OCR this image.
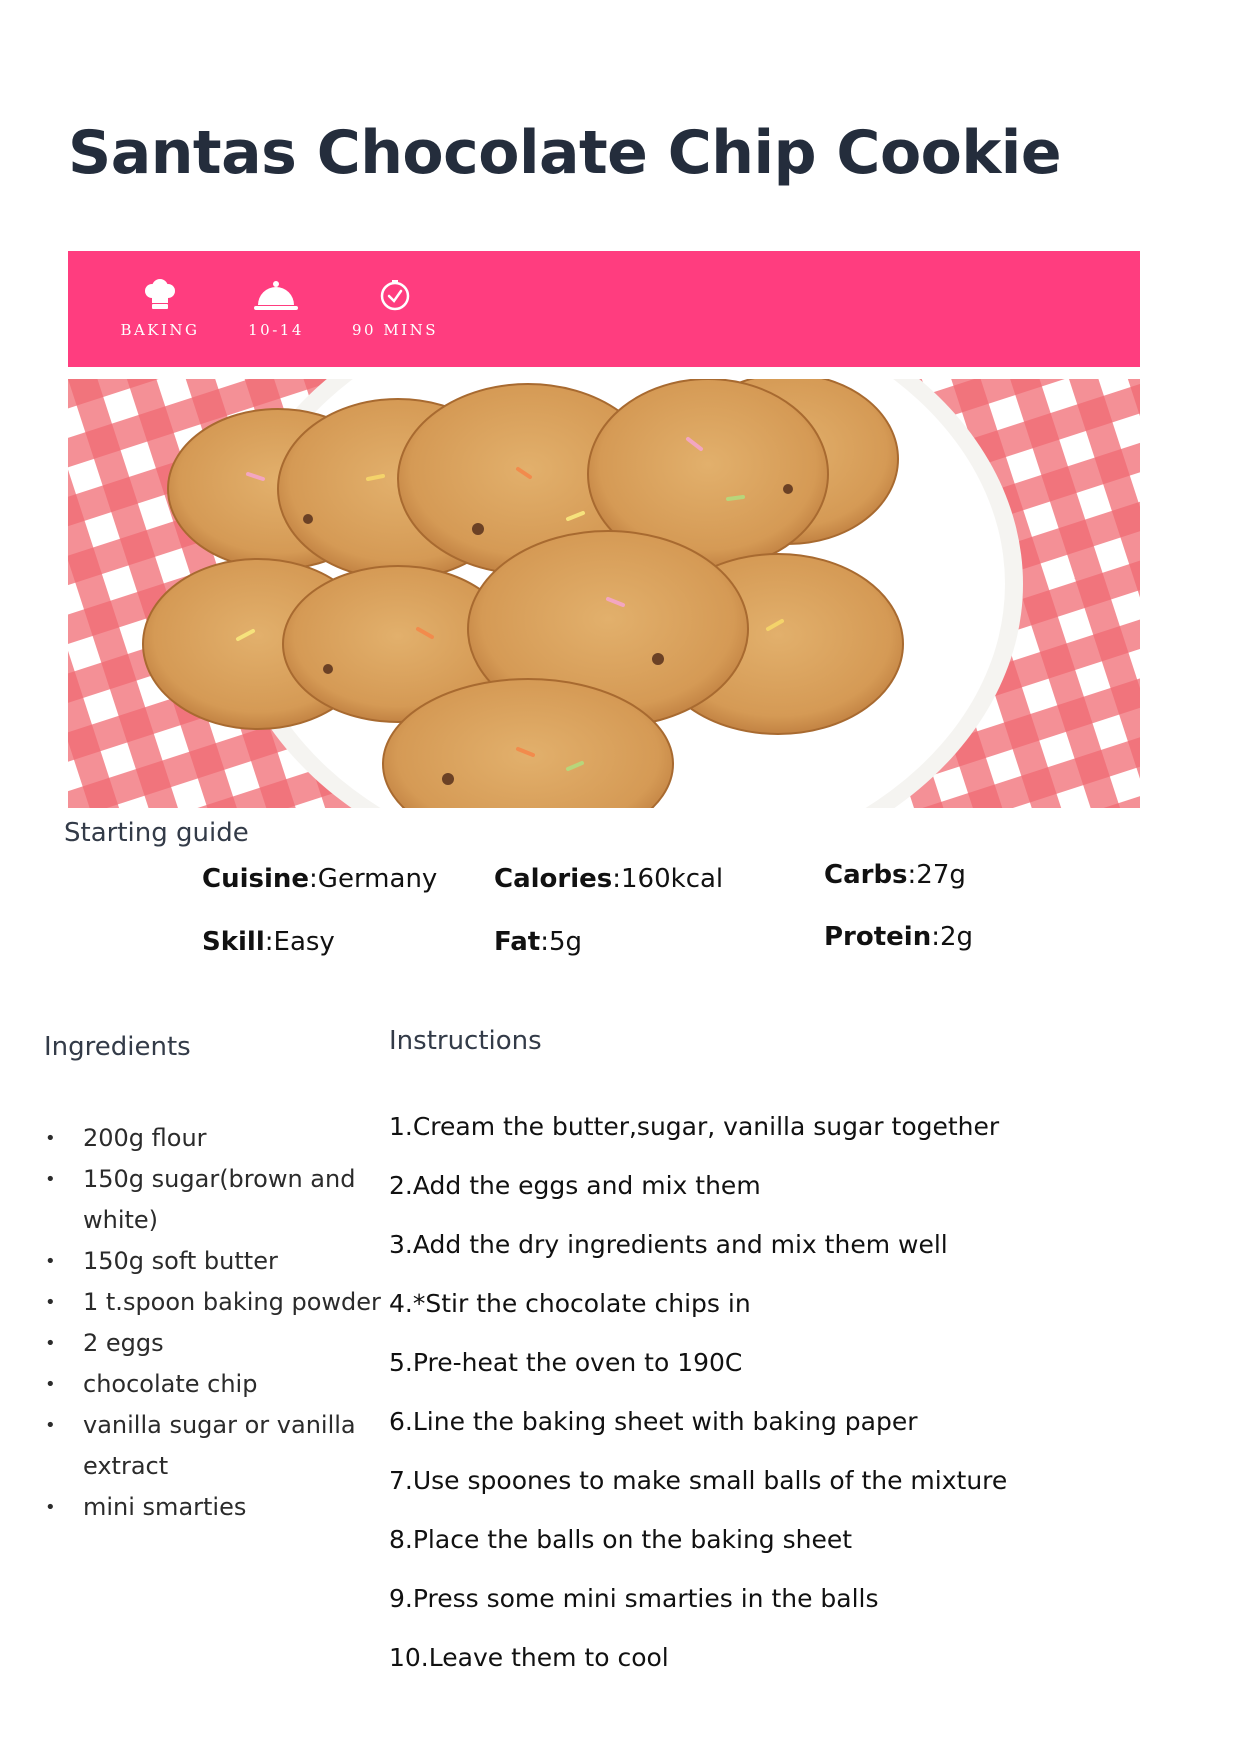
Santas Chocolate Chip Cookie
BAKING	10-14	90 MINS
Starting guide
Cuisine:Germany Calories:160kcal	Carbs:27g
Skill:Easy	Fat:5g	Protein:2g
Ingredients	Instructions
• 200g flour
• 150g sugar(brown and white)
• 150g soft butter
• 1 t.spoon baking powder
• 2 eggs
• chocolate chip
• vanilla sugar or vanilla extract
• mini smarties
1.Cream the butter,sugar, vanilla sugar together
2.Add the eggs and mix them
3.Add the dry ingredients and mix them well
4.*Stir the chocolate chips in
5.Pre-heat the oven to 190C
6.Line the baking sheet with baking paper
7.Use spoones to make small balls of the mixture
8.Place the balls on the baking sheet
9.Press some mini smarties in the balls
10.Leave them to cool
